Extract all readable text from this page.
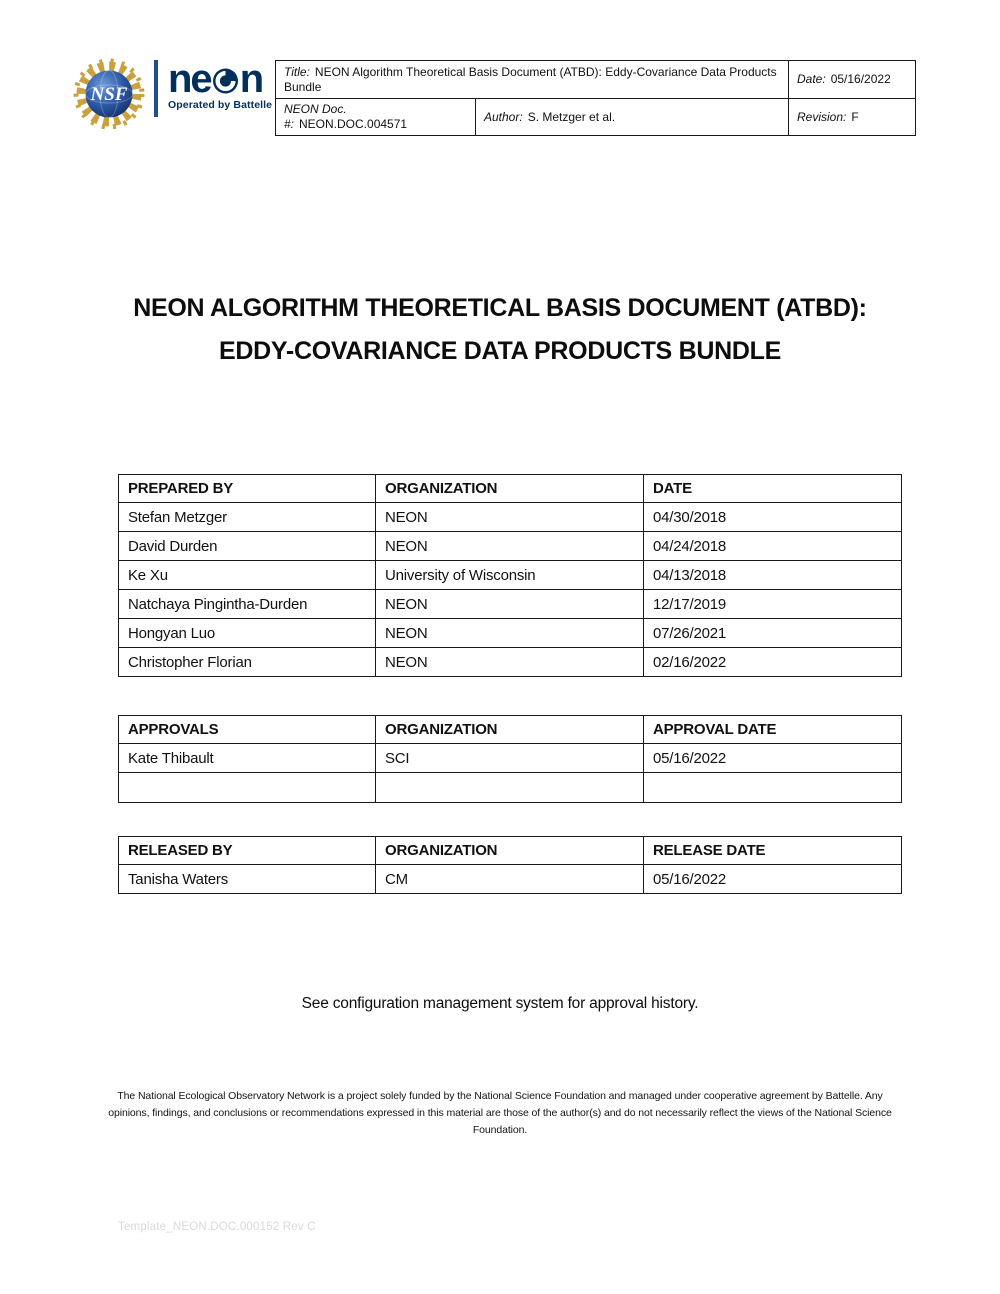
NSF ne n
Operated by Battelle
Title: NEON Algorithm Theoretical Basis Document (ATBD): Eddy-Covariance Data Products Bundle		Date: 05/16/2022
NEON Doc. #: NEON.DOC.004571	Author: S. Metzger et al.	Revision: F
NEON ALGORITHM THEORETICAL BASIS DOCUMENT (ATBD):
EDDY-COVARIANCE DATA PRODUCTS BUNDLE
PREPARED BY	ORGANIZATION	DATE
Stefan Metzger	NEON	04/30/2018
David Durden	NEON	04/24/2018
Ke Xu	University of Wisconsin	04/13/2018
Natchaya Pingintha-Durden	NEON	12/17/2019
Hongyan Luo	NEON	07/26/2021
Christopher Florian	NEON	02/16/2022
APPROVALS	ORGANIZATION	APPROVAL DATE
Kate Thibault	SCI	05/16/2022

RELEASED BY	ORGANIZATION	RELEASE DATE
Tanisha Waters	CM	05/16/2022

See configuration management system for approval history.

The National Ecological Observatory Network is a project solely funded by the National Science Foundation and managed under cooperative agreement by Battelle. Any opinions, findings, and conclusions or recommendations expressed in this material are those of the author(s) and do not necessarily reflect the views of the National Science Foundation.

Template_NEON.DOC.000152 Rev C
